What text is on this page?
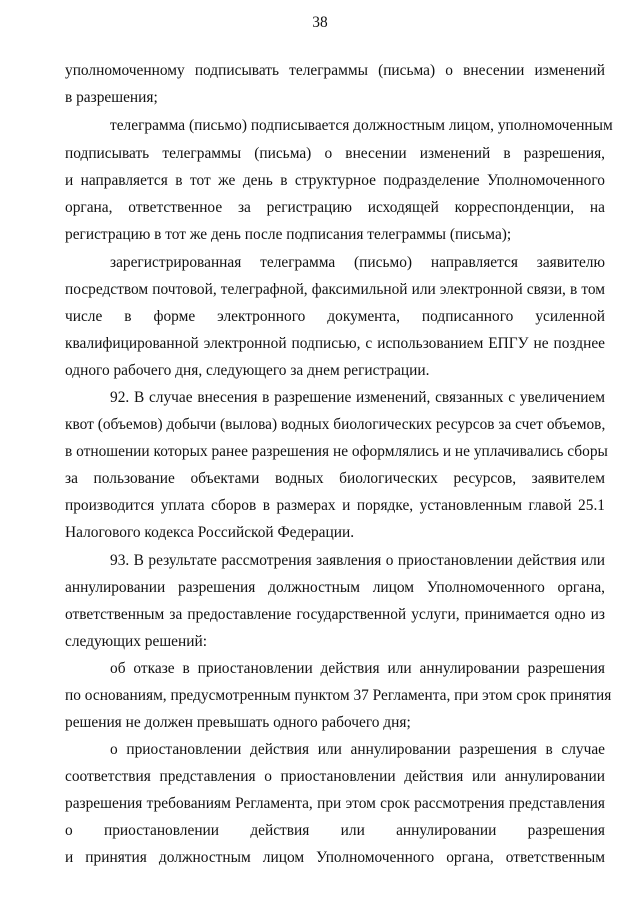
38
уполномоченному подписывать телеграммы (письма) о внесении изменений
в разрешения;
телеграмма (письмо) подписывается должностным лицом, уполномоченным
подписывать телеграммы (письма) о внесении изменений в разрешения,
и направляется в тот же день в структурное подразделение Уполномоченного
органа, ответственное за регистрацию исходящей корреспонденции, на
регистрацию в тот же день после подписания телеграммы (письма);
зарегистрированная телеграмма (письмо) направляется заявителю
посредством почтовой, телеграфной, факсимильной или электронной связи, в том
числе в форме электронного документа, подписанного усиленной
квалифицированной электронной подписью, с использованием ЕПГУ не позднее
одного рабочего дня, следующего за днем регистрации.
92. В случае внесения в разрешение изменений, связанных с увеличением
квот (объемов) добычи (вылова) водных биологических ресурсов за счет объемов,
в отношении которых ранее разрешения не оформлялись и не уплачивались сборы
за пользование объектами водных биологических ресурсов, заявителем
производится уплата сборов в размерах и порядке, установленным главой 25.1
Налогового кодекса Российской Федерации.
93. В результате рассмотрения заявления о приостановлении действия или
аннулировании разрешения должностным лицом Уполномоченного органа,
ответственным за предоставление государственной услуги, принимается одно из
следующих решений:
об отказе в приостановлении действия или аннулировании разрешения
по основаниям, предусмотренным пунктом 37 Регламента, при этом срок принятия
решения не должен превышать одного рабочего дня;
о приостановлении действия или аннулировании разрешения в случае
соответствия представления о приостановлении действия или аннулировании
разрешения требованиям Регламента, при этом срок рассмотрения представления
о приостановлении действия или аннулировании разрешения
и принятия должностным лицом Уполномоченного органа, ответственным
